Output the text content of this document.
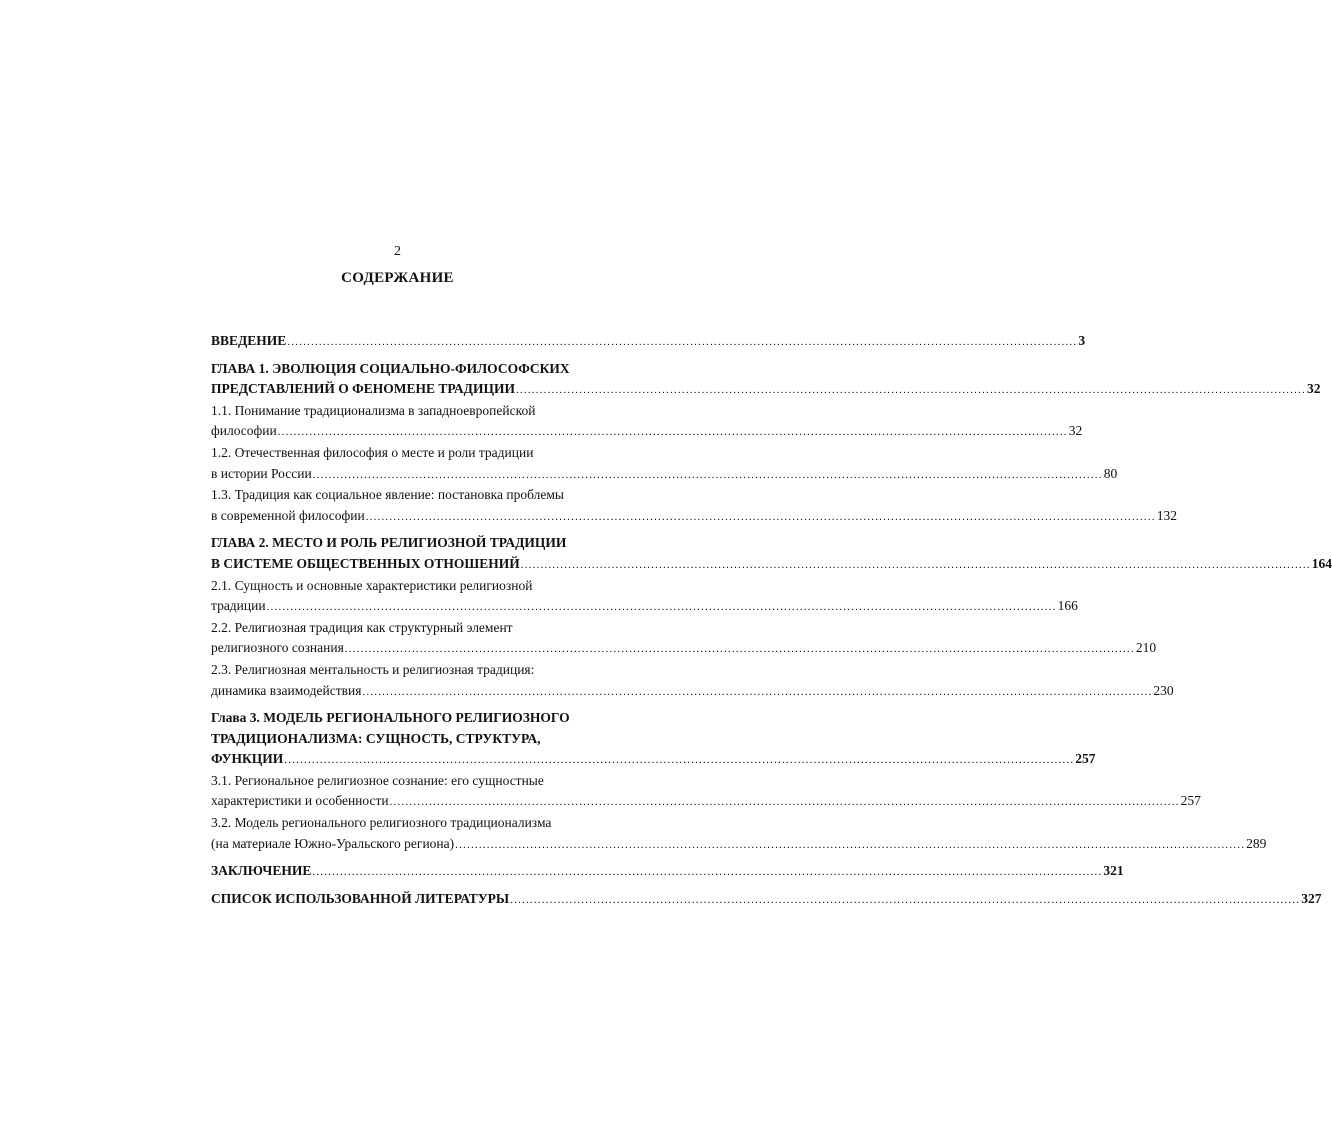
2
СОДЕРЖАНИЕ
ВВЕДЕНИЕ ........................................................................................................................................................................................................ 3
ГЛАВА 1. ЭВОЛЮЦИЯ СОЦИАЛЬНО-ФИЛОСОФСКИХ
ПРЕДСТАВЛЕНИЙ О ФЕНОМЕНЕ ТРАДИЦИИ ........................................................................................................................................................................................................ 32
1.1. Понимание традиционализма в западноевропейской
философии ........................................................................................................................................................................................................ 32
1.2. Отечественная философия о месте и роли традиции
в истории России ........................................................................................................................................................................................................ 80
1.3. Традиция как социальное явление: постановка проблемы
в современной философии ........................................................................................................................................................................................................ 132
ГЛАВА 2. МЕСТО И РОЛЬ РЕЛИГИОЗНОЙ ТРАДИЦИИ
В СИСТЕМЕ ОБЩЕСТВЕННЫХ ОТНОШЕНИЙ ........................................................................................................................................................................................................ 164
2.1. Сущность и основные характеристики религиозной
традиции ........................................................................................................................................................................................................ 166
2.2. Религиозная традиция как структурный элемент
религиозного сознания ........................................................................................................................................................................................................ 210
2.3. Религиозная ментальность и религиозная традиция:
динамика взаимодействия ........................................................................................................................................................................................................ 230
Глава 3. МОДЕЛЬ РЕГИОНАЛЬНОГО РЕЛИГИОЗНОГО
ТРАДИЦИОНАЛИЗМА: СУЩНОСТЬ, СТРУКТУРА,
ФУНКЦИИ ........................................................................................................................................................................................................ 257
3.1. Региональное религиозное сознание: его сущностные
характеристики и особенности ........................................................................................................................................................................................................ 257
3.2. Модель регионального религиозного традиционализма
(на материале Южно-Уральского региона) ........................................................................................................................................................................................................ 289
ЗАКЛЮЧЕНИЕ ........................................................................................................................................................................................................ 321
СПИСОК ИСПОЛЬЗОВАННОЙ ЛИТЕРАТУРЫ ........................................................................................................................................................................................................ 327
